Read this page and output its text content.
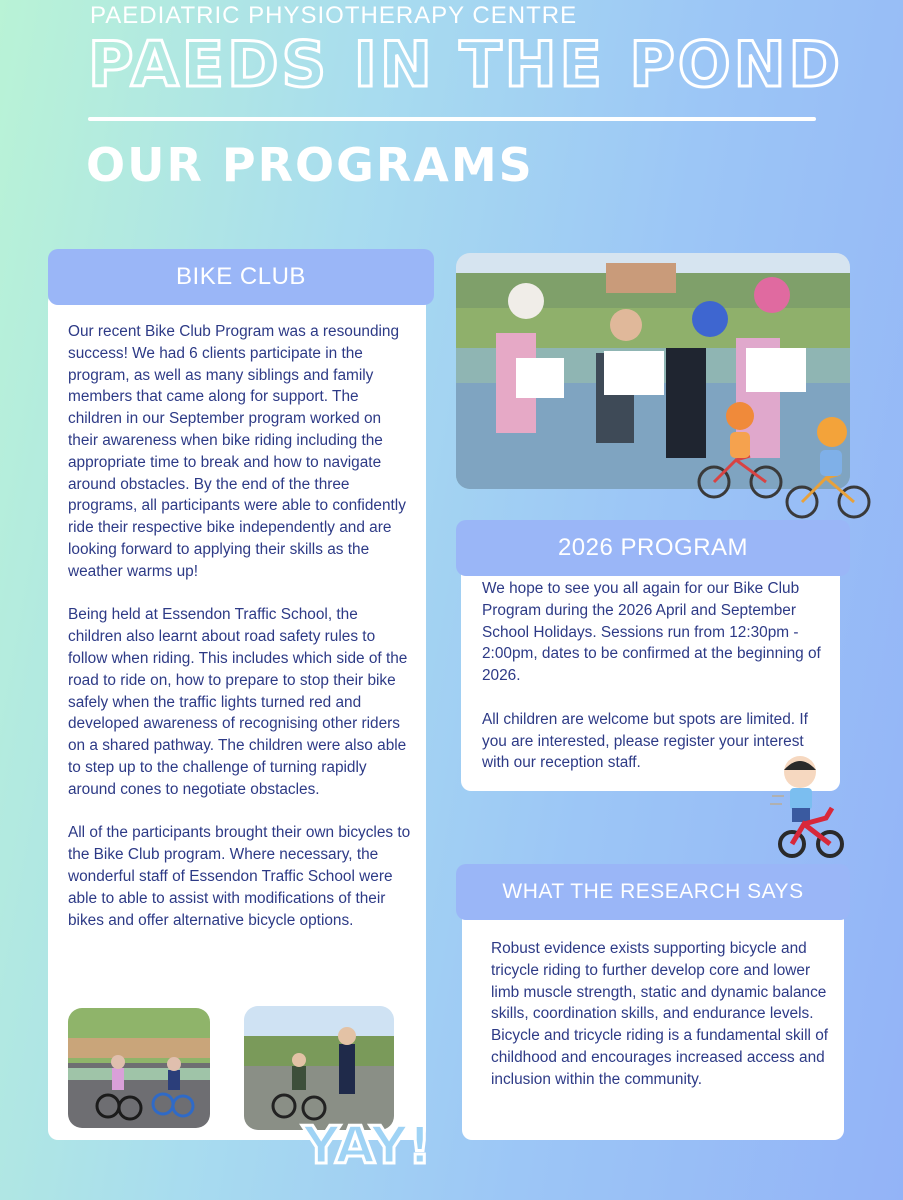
PAEDIATRIC PHYSIOTHERAPY CENTRE
PAEDS IN THE POND
OUR PROGRAMS
BIKE CLUB

Our recent Bike Club Program was a resounding success! We had 6 clients participate in the program, as well as many siblings and family members that came along for support. The children in our September program worked on their awareness when bike riding including the appropriate time to break and how to navigate around obstacles. By the end of the three programs, all participants were able to confidently ride their respective bike independently and are looking forward to applying their skills as the weather warms up!

Being held at Essendon Traffic School, the children also learnt about road safety rules to follow when riding. This includes which side of the road to ride on, how to prepare to stop their bike safely when the traffic lights turned red and developed awareness of recognising other riders on a shared pathway. The children were also able to step up to the challenge of turning rapidly around cones to negotiate obstacles.

All of the participants brought their own bicycles to the Bike Club program. Where necessary, the wonderful staff of Essendon Traffic School were able to able to assist with modifications of their bikes and offer alternative bicycle options.

YAY!
2026 PROGRAM

We hope to see you all again for our Bike Club Program during the 2026 April and September School Holidays. Sessions run from 12:30pm - 2:00pm, dates to be confirmed at the beginning of 2026.

All children are welcome but spots are limited. If you are interested, please register your interest with our reception staff.

WHAT THE RESEARCH SAYS

Robust evidence exists supporting bicycle and tricycle riding to further develop core and lower limb muscle strength, static and dynamic balance skills, coordination skills, and endurance levels. Bicycle and tricycle riding is a fundamental skill of childhood and encourages increased access and inclusion within the community.
